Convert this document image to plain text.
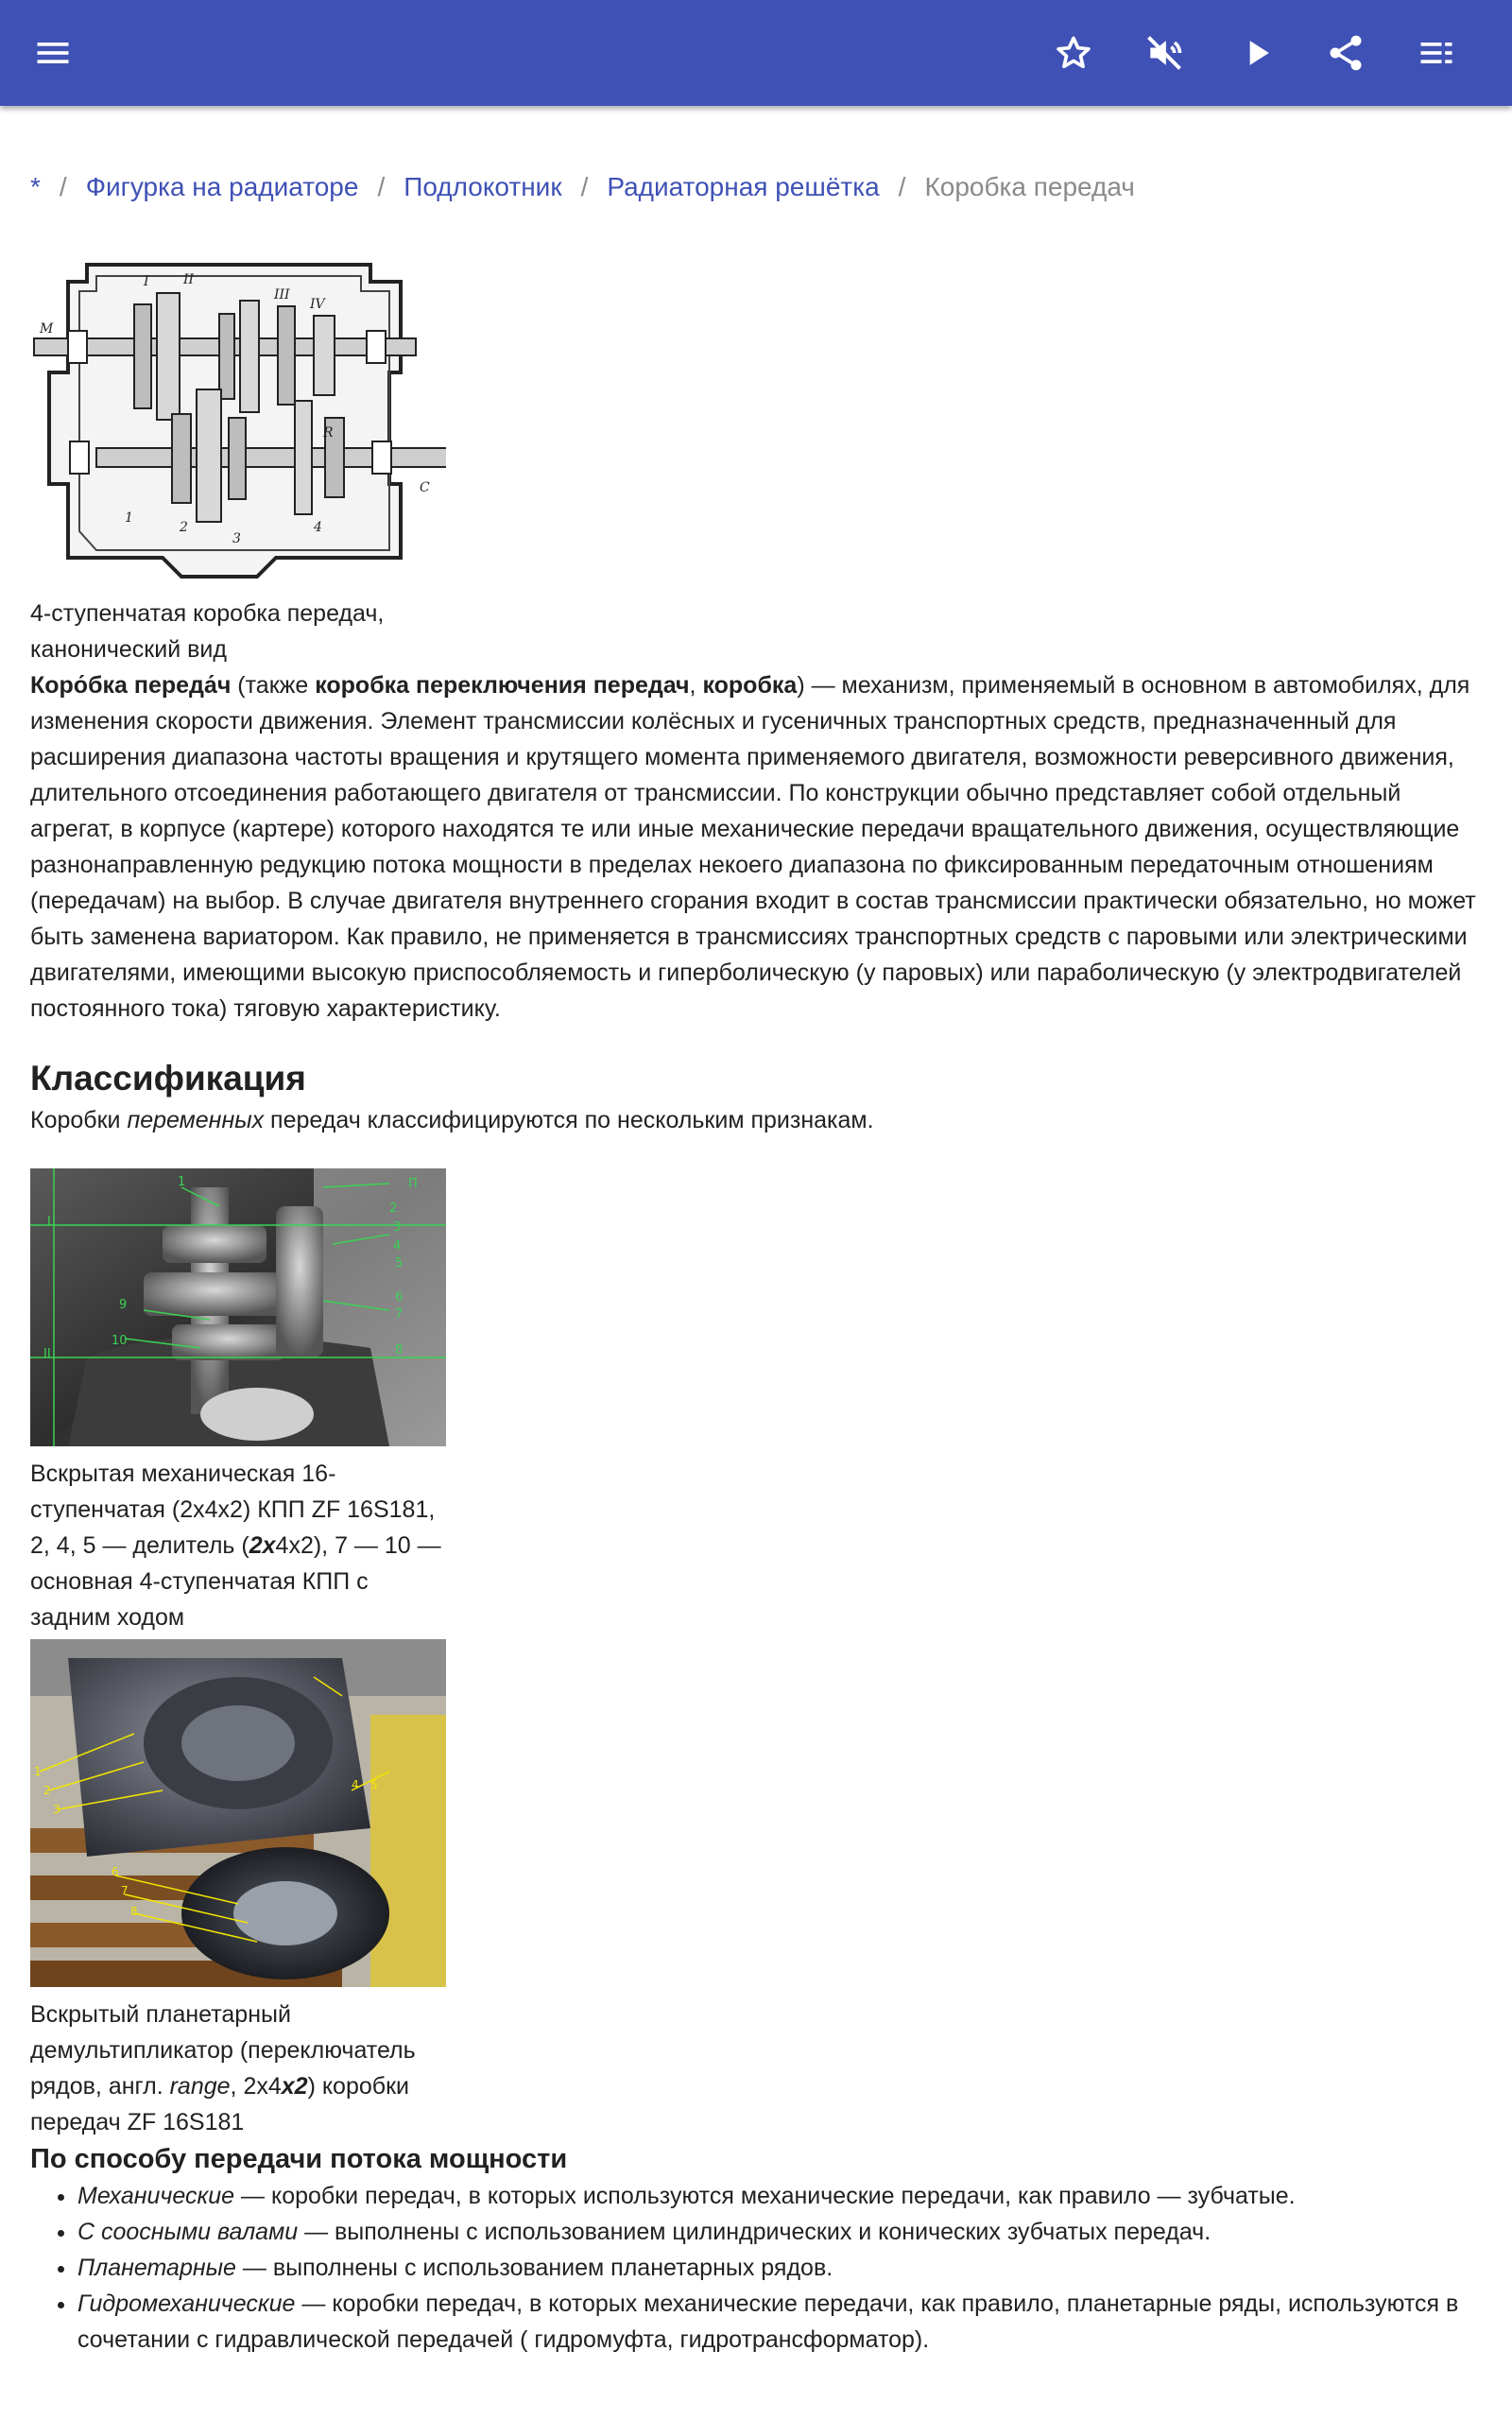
* / Фигурка на радиаторе / Подлокотник / Радиаторная решётка / Коробка передач
I	II
III
IV
M
R
C
1
2
3
4
4-ступенчатая коробка передач,
канонический вид

Коро́бка переда́ч (также коробка переключения передач, коробка) — механизм, применяемый в основном в автомобилях, для изменения скорости движения. Элемент трансмиссии колёсных и гусеничных транспортных средств, предназначенный для расширения диапазона частоты вращения и крутящего момента применяемого двигателя, возможности реверсивного движения, длительного отсоединения работающего двигателя от трансмиссии. По конструкции обычно представляет собой отдельный агрегат, в корпусе (картере) которого находятся те или иные механические передачи вращательного движения, осуществляющие разнонаправленную редукцию потока мощности в пределах некоего диапазона по фиксированным передаточным отношениям (передачам) на выбор. В случае двигателя внутреннего сгорания входит в состав трансмиссии практически обязательно, но может быть заменена вариатором. Как правило, не применяется в трансмиссиях транспортных средств с паровыми или электрическими двигателями, имеющими высокую приспособляемость и гиперболическую (у паровых) или параболическую (у электродвигателей постоянного тока) тяговую характеристику.

Классификация

Коробки переменных передач классифицируются по нескольким признакам.

I
II
П
1
2
3
4
5
6
7
8
9
10
Вскрытая механическая 16-ступенчатая (2x4x2) КПП ZF 16S181, 2, 4, 5 — делитель (2x4x2), 7 — 10 — основная 4-ступенчатая КПП с задним ходом
1
2
3
4 5
6
7
8
Вскрытый планетарный демультипликатор (переключатель рядов, англ. range, 2x4x2) коробки передач ZF 16S181
По способу передачи потока мощности
• Механические — коробки передач, в которых используются механические передачи, как правило — зубчатые.
• С соосными валами — выполнены с использованием цилиндрических и конических зубчатых передач.
• Планетарные — выполнены с использованием планетарных рядов.
• Гидромеханические — коробки передач, в которых механические передачи, как правило, планетарные ряды, используются в сочетании с гидравлической передачей ( гидромуфта, гидротрансформатор).
